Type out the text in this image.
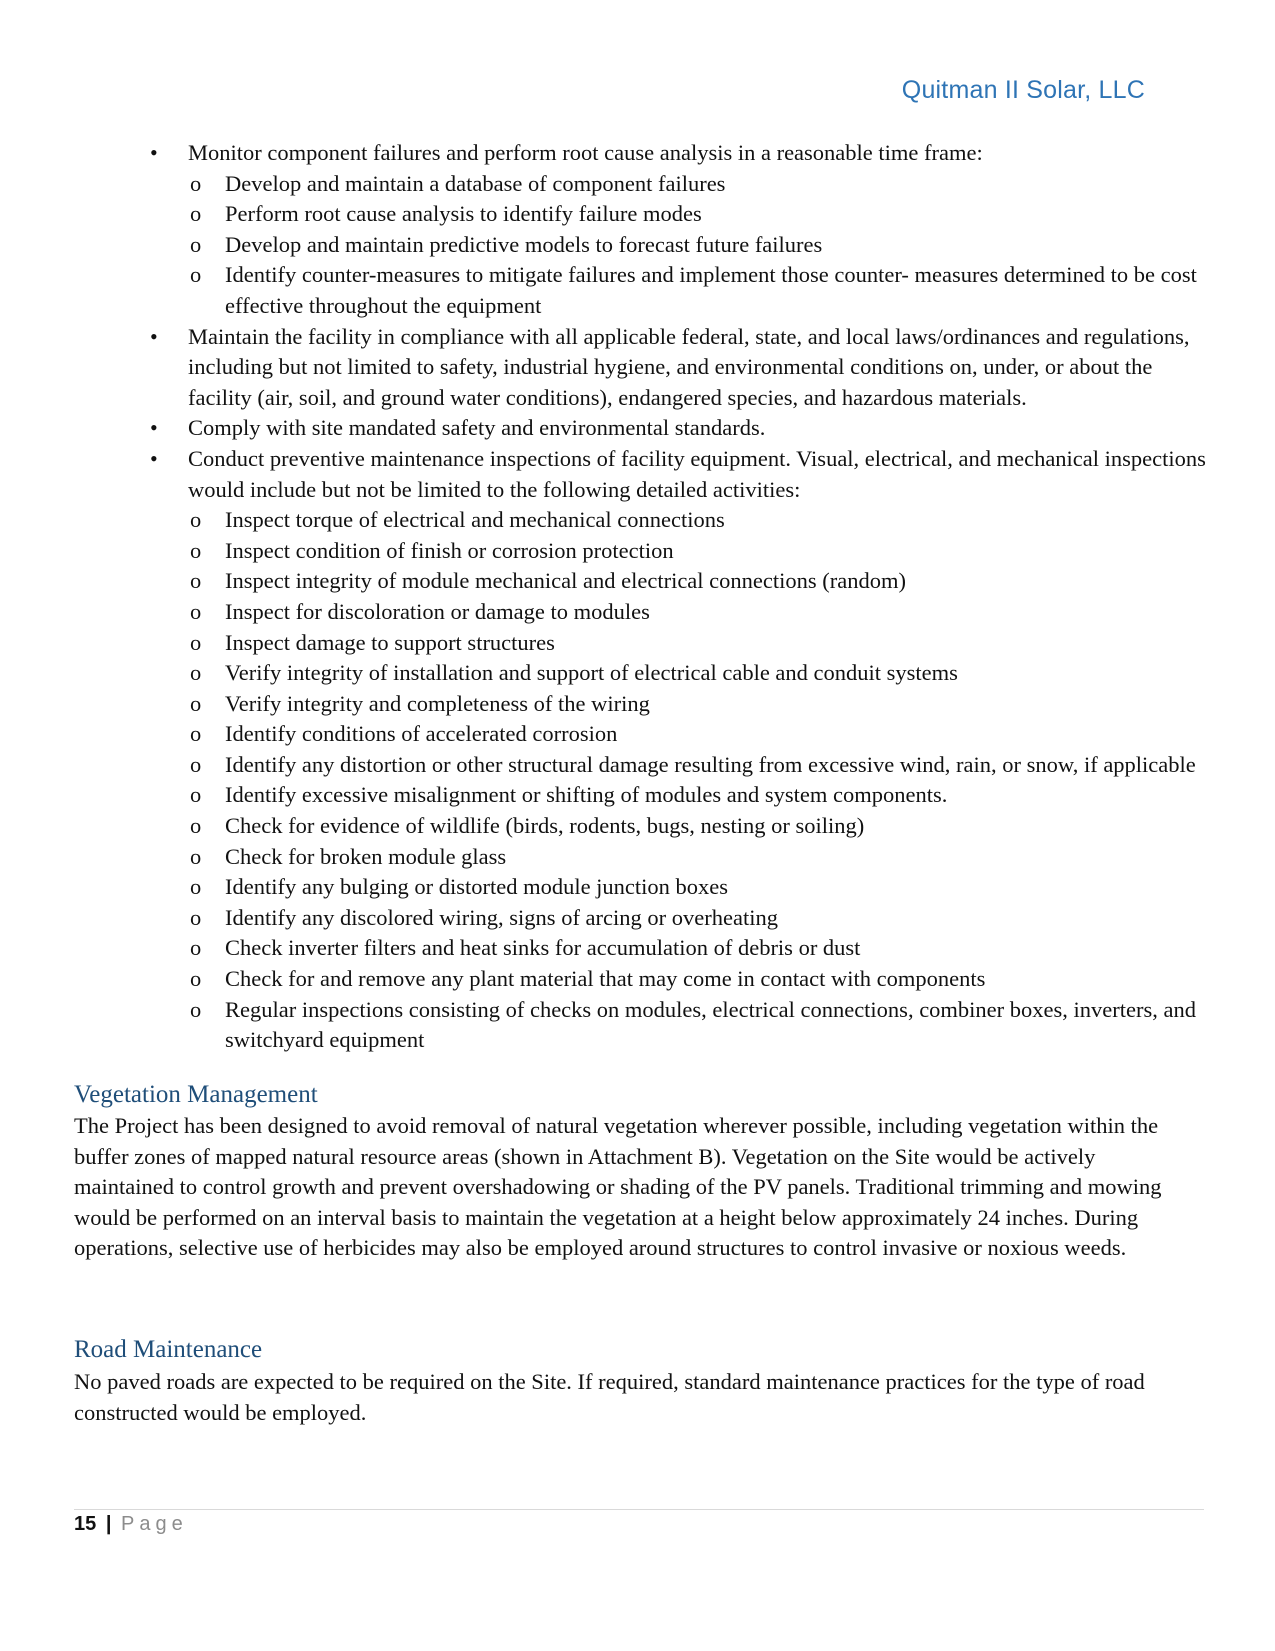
Quitman II Solar, LLC
• Monitor component failures and perform root cause analysis in a reasonable time frame:
o Develop and maintain a database of component failures
o Perform root cause analysis to identify failure modes
o Develop and maintain predictive models to forecast future failures
o Identify counter-measures to mitigate failures and implement those counter- measures determined to be cost effective throughout the equipment
• Maintain the facility in compliance with all applicable federal, state, and local laws/ordinances and regulations, including but not limited to safety, industrial hygiene, and environmental conditions on, under, or about the facility (air, soil, and ground water conditions), endangered species, and hazardous materials.
• Comply with site mandated safety and environmental standards.
• Conduct preventive maintenance inspections of facility equipment. Visual, electrical, and mechanical inspections would include but not be limited to the following detailed activities:
o Inspect torque of electrical and mechanical connections
o Inspect condition of finish or corrosion protection
o Inspect integrity of module mechanical and electrical connections (random)
o Inspect for discoloration or damage to modules
o Inspect damage to support structures
o Verify integrity of installation and support of electrical cable and conduit systems
o Verify integrity and completeness of the wiring
o Identify conditions of accelerated corrosion
o Identify any distortion or other structural damage resulting from excessive wind, rain, or snow, if applicable
o Identify excessive misalignment or shifting of modules and system components.
o Check for evidence of wildlife (birds, rodents, bugs, nesting or soiling)
o Check for broken module glass
o Identify any bulging or distorted module junction boxes
o Identify any discolored wiring, signs of arcing or overheating
o Check inverter filters and heat sinks for accumulation of debris or dust
o Check for and remove any plant material that may come in contact with components
o Regular inspections consisting of checks on modules, electrical connections, combiner boxes, inverters, and switchyard equipment
Vegetation Management

The Project has been designed to avoid removal of natural vegetation wherever possible, including vegetation within the buffer zones of mapped natural resource areas (shown in Attachment B). Vegetation on the Site would be actively maintained to control growth and prevent overshadowing or shading of the PV panels. Traditional trimming and mowing would be performed on an interval basis to maintain the vegetation at a height below approximately 24 inches. During operations, selective use of herbicides may also be employed around structures to control invasive or noxious weeds.

Road Maintenance

No paved roads are expected to be required on the Site. If required, standard maintenance practices for the type of road constructed would be employed.

15 | Page
